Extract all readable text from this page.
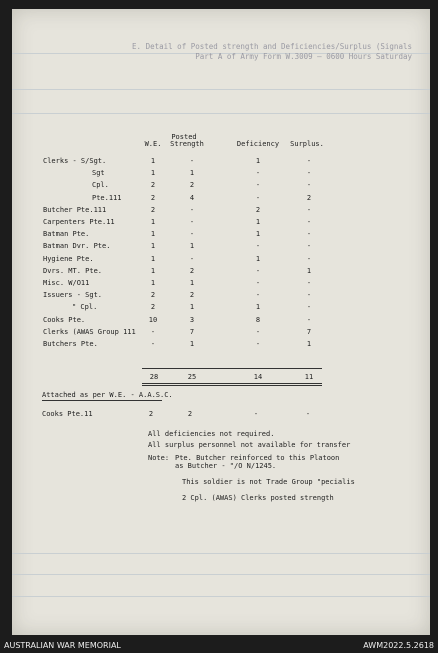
E. Detail of Posted strength and Deficiencies/Surplus (Signals
Part A of Army Form W.3009 — 0600 Hours Saturday
W.E.
Posted
Strength	Deficiency	Surplus.
Clerks - S/Sgt.	1	-	1	-
Sgt	1	1	-	-
Cpl.	2	2	-	-
Pte.111	2	4	-	2
Butcher Pte.111	2	-	2	-
Carpenters Pte.11	1	-	1	-
Batman Pte.	1	-	1	-
Batman Dvr. Pte.	1	1	-	-
Hygiene Pte.	1	-	1	-
Dvrs. MT. Pte.	1	2	-	1
Misc. W/O11	1	1	-	-
Issuers - Sgt.	2	2	-	-
" Cpl.	2	1	1	-
Cooks Pte.	10	3	8	-
Clerks (AWAS Group 111	-	7	-	7
Butchers Pte.	-	1	-	1
28	25	14	11
Attached as per W.E. - A.A.S.C.
Cooks Pte.11	2	2	-	-
All deficiencies not required.
All surplus personnel not available for transfer
Note: Pte. Butcher reinforced to this Platoon
as Butcher - "/O N/1245.
This soldier is not Trade Group "pecialis
2 Cpl. (AWAS) Clerks posted strength
AUSTRALIAN WAR MEMORIAL	AWM2022.5.2618
